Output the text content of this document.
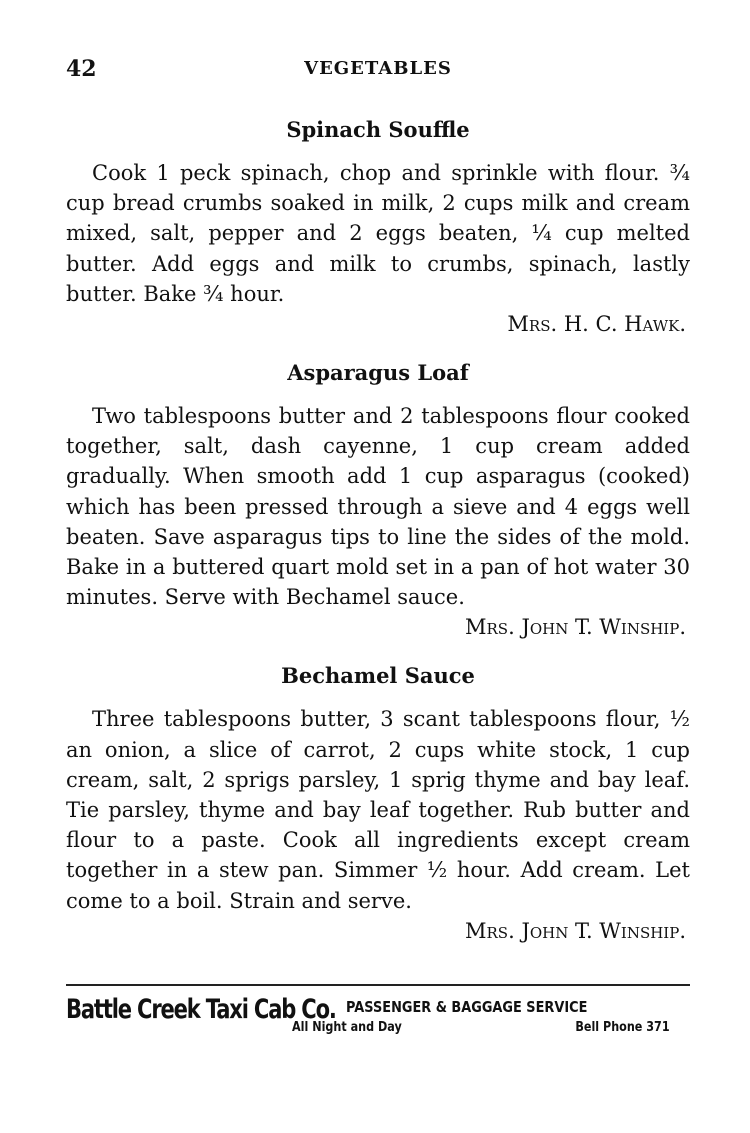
42	VEGETABLES
Spinach Souffle

Cook 1 peck spinach, chop and sprinkle with flour. ¾ cup bread crumbs soaked in milk, 2 cups milk and cream mixed, salt, pepper and 2 eggs beaten, ¼ cup melted butter. Add eggs and milk to crumbs, spinach, lastly butter. Bake ¾ hour.

Mrs. H. C. Hawk.

Asparagus Loaf

Two tablespoons butter and 2 tablespoons flour cooked together, salt, dash cayenne, 1 cup cream added gradually. When smooth add 1 cup asparagus (cooked) which has been pressed through a sieve and 4 eggs well beaten. Save asparagus tips to line the sides of the mold. Bake in a buttered quart mold set in a pan of hot water 30 minutes. Serve with Bechamel sauce.

Mrs. John T. Winship.

Bechamel Sauce

Three tablespoons butter, 3 scant tablespoons flour, ½ an onion, a slice of carrot, 2 cups white stock, 1 cup cream, salt, 2 sprigs parsley, 1 sprig thyme and bay leaf. Tie parsley, thyme and bay leaf together. Rub butter and flour to a paste. Cook all ingredients except cream together in a stew pan. Simmer ½ hour. Add cream. Let come to a boil. Strain and serve.

Mrs. John T. Winship.

Battle Creek Taxi Cab Co. PASSENGER & BAGGAGE SERVICE
All Night and Day	Bell Phone 371
